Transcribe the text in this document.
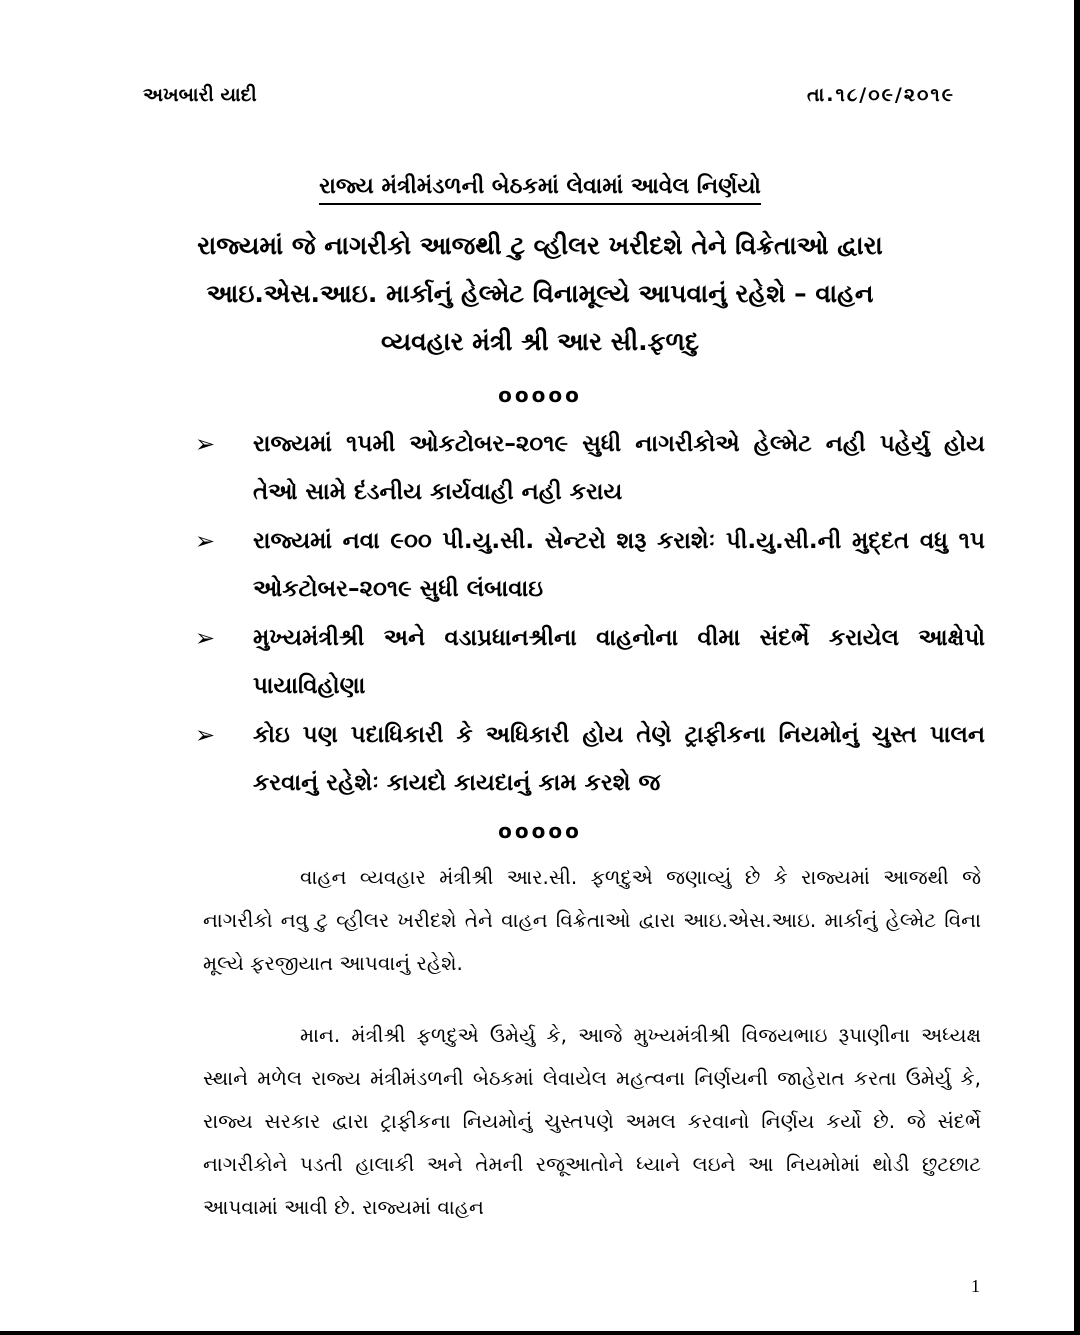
અખબારી યાદી	તા.૧૮/૦૯/૨૦૧૯
રાજ્ય મંત્રીમંડળની બેઠકમાં લેવામાં આવેલ નિર્ણયો

રાજ્યમાં જે નાગરીકો આજથી ટુ વ્હીલર ખરીદશે તેને વિક્રેતાઓ દ્વારા આઇ.એસ.આઇ. માર્કાનું હેલ્મેટ વિનામૂલ્યે આપવાનું રહેશે – વાહન વ્યવહાર મંત્રી શ્રી આર સી.ફળદુ

ooooo
➢ રાજ્યમાં ૧૫મી ઓકટોબર–૨૦૧૯ સુધી નાગરીકોએ હેલ્મેટ નહી પહેર્યુ હોય તેઓ સામે દંડનીય કાર્યવાહી નહી કરાય
➢ રાજ્યમાં નવા ૯૦૦ પી.યુ.સી. સેન્ટરો શરૂ કરાશેઃ પી.યુ.સી.ની મુદ્દત વધુ ૧૫ ઓકટોબર–૨૦૧૯ સુધી લંબાવાઇ
➢ મુખ્યમંત્રીશ્રી અને વડાપ્રધાનશ્રીના વાહનોના વીમા સંદર્ભે કરાયેલ આક્ષેપો પાયાવિહોણા
➢ કોઇ પણ પદાધિકારી કે અધિકારી હોય તેણે ટ્રાફીકના નિયમોનું ચુસ્ત પાલન કરવાનું રહેશેઃ કાયદો કાયદાનું કામ કરશે જ
ooooo

વાહન વ્યવહાર મંત્રીશ્રી આર.સી. ફળદુએ જણાવ્યું છે કે રાજ્યમાં આજથી જે નાગરીકો નવુ ટુ વ્હીલર ખરીદશે તેને વાહન વિક્રેતાઓ દ્વારા આઇ.એસ.આઇ. માર્કાનું હેલ્મેટ વિના મૂલ્યે ફરજીયાત આપવાનું રહેશે.

માન. મંત્રીશ્રી ફળદુએ ઉમેર્યુ કે, આજે મુખ્યમંત્રીશ્રી વિજયભાઇ રૂપાણીના અધ્યક્ષ સ્થાને મળેલ રાજ્ય મંત્રીમંડળની બેઠકમાં લેવાયેલ મહત્વના નિર્ણયની જાહેરાત કરતા ઉમેર્યુ કે, રાજ્ય સરકાર દ્વારા ટ્રાફીકના નિયમોનું ચુસ્તપણે અમલ કરવાનો નિર્ણય કર્યો છે. જે સંદર્ભે નાગરીકોને પડતી હાલાકી અને તેમની રજૂઆતોને ધ્યાને લઇને આ નિયમોમાં થોડી છુટછાટ આપવામાં આવી છે. રાજ્યમાં વાહન

1
